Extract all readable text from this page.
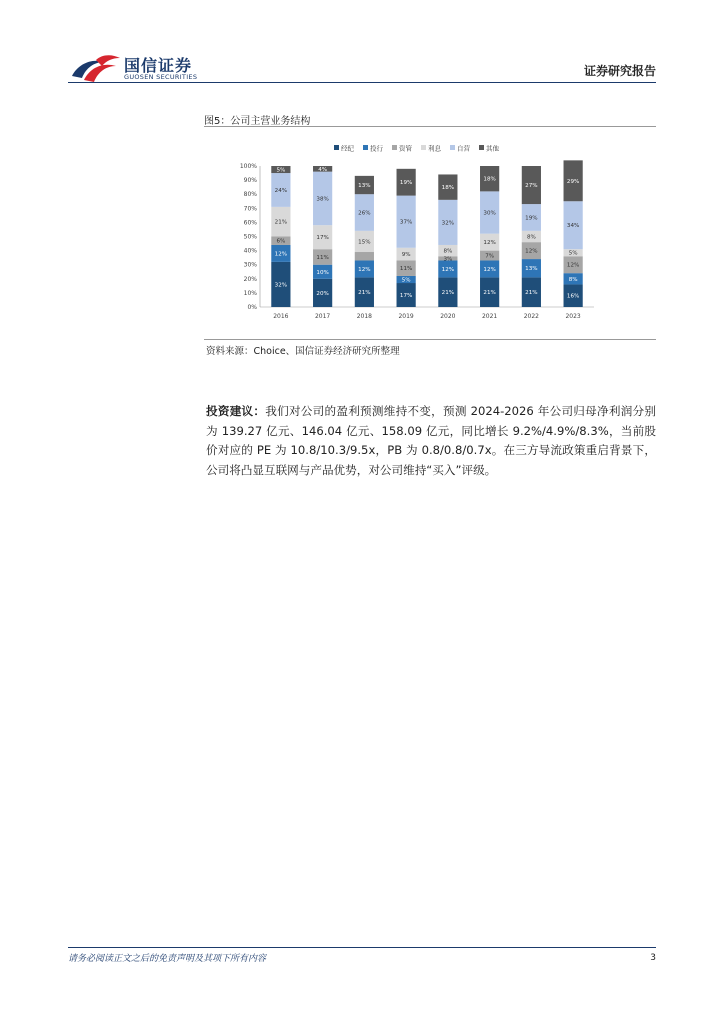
国信证券
GUOSEN SECURITIES	证券研究报告
图5：公司主营业务结构
经纪 投行 资管 利息 自营 其他
0%
10%
20%
30%
40%
50%
60%
70%
80%
90%
100%
32%
12%
6%
21%
24%
5%
2016
20%
10%
11%
17%
38%
4%
2017
21%
12%
15%
26%
13%
2018
17%
5%
11%
9%
37%
19%
2019
21%
12%
3%
8%
32%
18%
2020
21%
12%
7%
12%
30%
18%
2021
21%
13%
12%
8%
19%
27%
2022
16%
8%
12%
5%
34%
29%
2023
资料来源：Choice、国信证券经济研究所整理
投资建议：我们对公司的盈利预测维持不变，预测 2024-2026 年公司归母净利润分别为 139.27 亿元、146.04 亿元、158.09 亿元，同比增长 9.2%/4.9%/8.3%，当前股价对应的 PE 为 10.8/10.3/9.5x，PB 为 0.8/0.8/0.7x。在三方导流政策重启背景下，公司将凸显互联网与产品优势，对公司维持“买入”评级。
请务必阅读正文之后的免责声明及其项下所有内容	3
